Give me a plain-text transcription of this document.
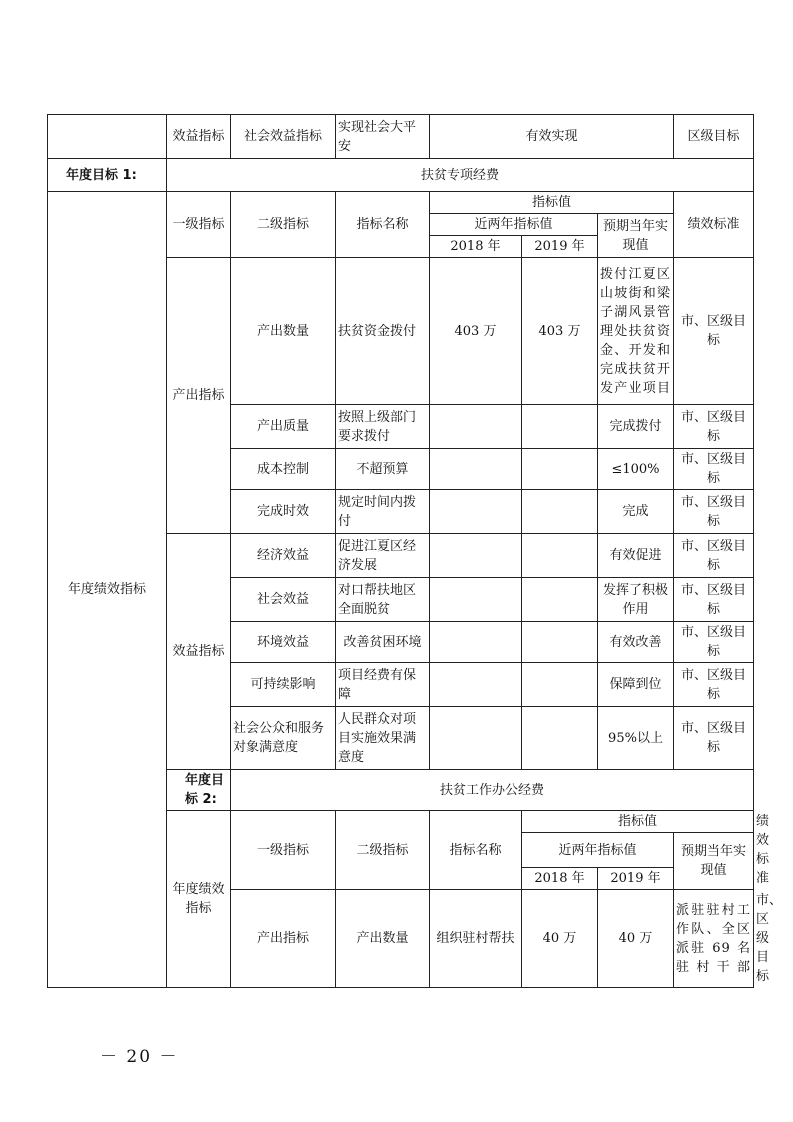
	效益指标	社会效益指标	实现社会大平安	有效实现			区级目标	
年度目标 1:	扶贫专项经费							
年度绩效指标	一级指标	二级指标	指标名称	指标值			绩效标准	
				近两年指标值		预期当年实现值		
				2018 年	2019 年			
	产出指标	产出数量	扶贫资金拨付	403 万	403 万	拨付江夏区山坡街和梁子湖风景管理处扶贫资金、开发和完成扶贫开发产业项目	市、区级目标	
		产出质量	按照上级部门要求拨付			完成拨付	市、区级目标	
		成本控制	不超预算			≤100%	市、区级目标	
		完成时效	规定时间内拨付			完成	市、区级目标	
	效益指标	经济效益	促进江夏区经济发展			有效促进	市、区级目标	
		社会效益	对口帮扶地区全面脱贫			发挥了积极作用	市、区级目标	
		环境效益	改善贫困环境			有效改善	市、区级目标	
		可持续影响	项目经费有保障			保障到位	市、区级目标	
		社会公众和服务对象满意度	人民群众对项目实施效果满意度			95%以上	市、区级目标	
	年度目标 2:	扶贫工作办公经费						
	年度绩效指标	一级指标	二级指标	指标名称	指标值			绩效标准
					近两年指标值		预期当年实现值	
					2018 年	2019 年		
		产出指标	产出数量	组织驻村帮扶	40 万	40 万	派驻驻村工作队、全区派驻 69 名驻村干部	市、区级目标
－ 20 －
